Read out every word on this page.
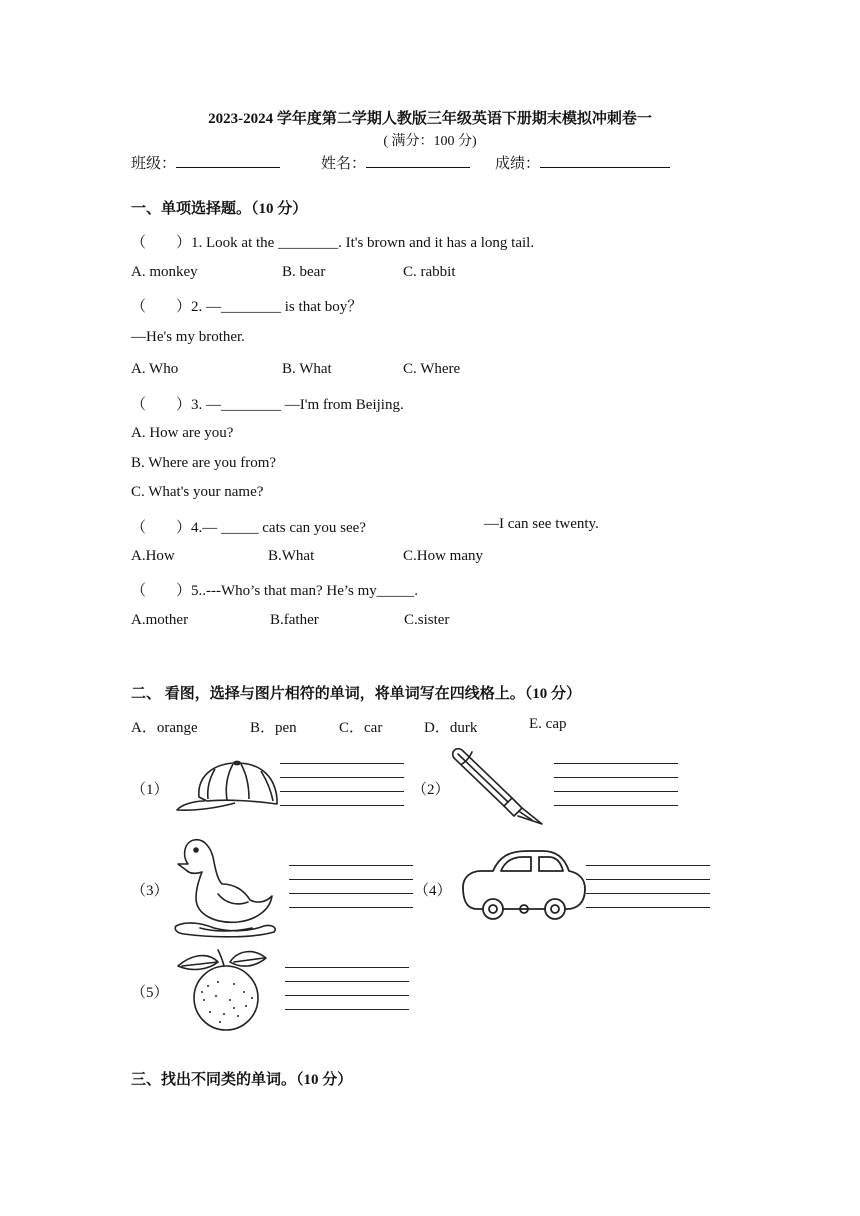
2023-2024 学年度第二学期人教版三年级英语下册期末模拟冲刺卷一
( 满分：100 分)
班级：	姓名：	成绩：
一、单项选择题。（10 分）
（　　）1. Look at the ________. It's brown and it has a long tail.
A. monkey	B. bear	C. rabbit
（　　）2. —________ is that boy？
—He's my brother.
A. Who	B. What	C. Where
（　　）3. —________ —I'm from Beijing.
A. How are you?
B. Where are you from?
C. What's your name?
（　　）4.— _____ cats can you see?	—I can see twenty.
A.How	B.What	C.How many
（　　）5..---Who’s that man? He’s my_____.
A.mother	B.father	C.sister
二、 看图，选择与图片相符的单词，将单词写在四线格上。（10 分）
A．orange	B．pen	C．car	D．durk	E. cap
（1）	（2）
（3）	（4）
（5）
三、找出不同类的单词。（10 分）
